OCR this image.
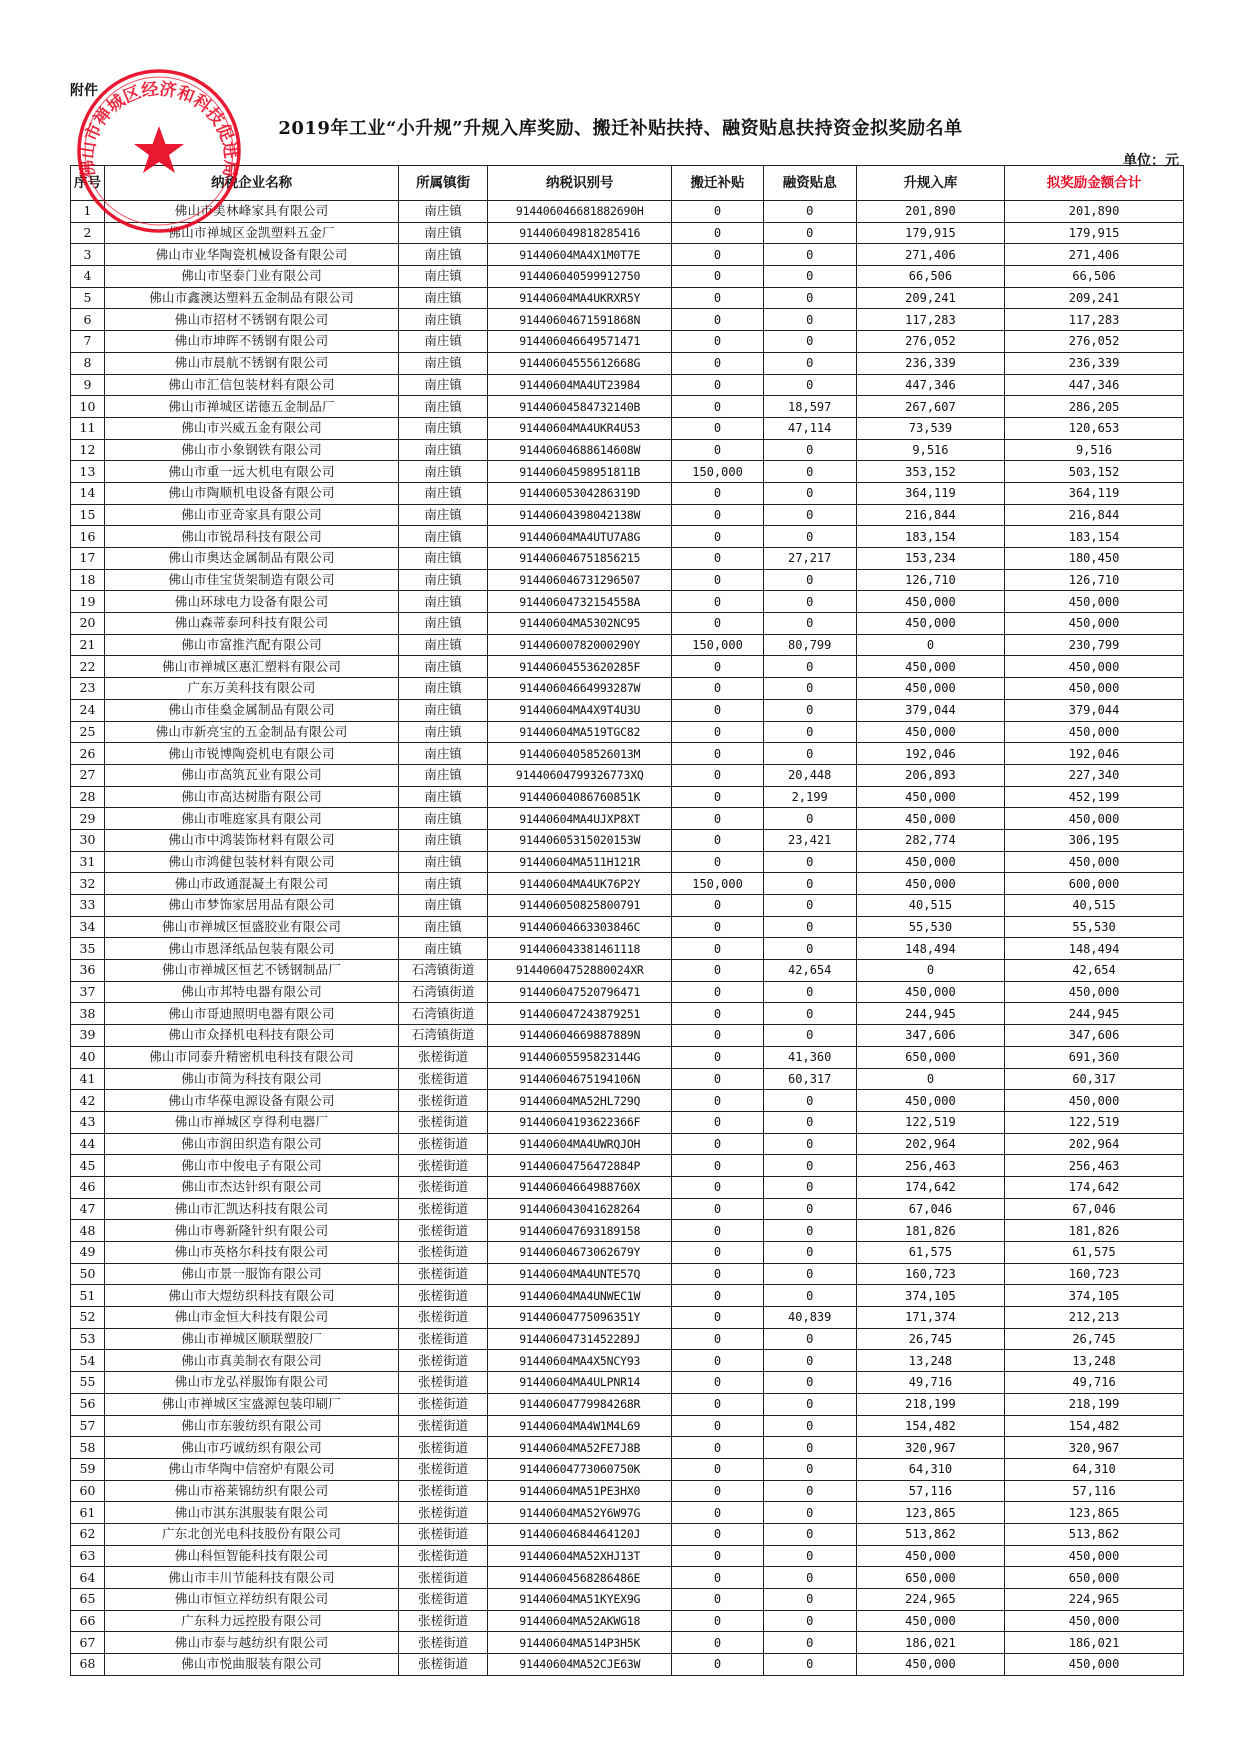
附件
2019年工业“小升规”升规入库奖励、搬迁补贴扶持、融资贴息扶持资金拟奖励名单
单位：元
序号	纳税企业名称	所属镇街	纳税识别号	搬迁补贴	融资贴息	升规入库	拟奖励金额合计
1	佛山市美林峰家具有限公司	南庄镇	914406046681882690H	0	0	201,890	201,890
2	佛山市禅城区金凯塑料五金厂	南庄镇	914406049818285416	0	0	179,915	179,915
3	佛山市业华陶瓷机械设备有限公司	南庄镇	91440604MA4X1M0T7E	0	0	271,406	271,406
4	佛山市坚泰门业有限公司	南庄镇	914406040599912750	0	0	66,506	66,506
5	佛山市鑫澳达塑料五金制品有限公司	南庄镇	91440604MA4UKRXR5Y	0	0	209,241	209,241
6	佛山市招材不锈钢有限公司	南庄镇	91440604671591868N	0	0	117,283	117,283
7	佛山市坤晖不锈钢有限公司	南庄镇	914406046649571471	0	0	276,052	276,052
8	佛山市晨航不锈钢有限公司	南庄镇	91440604555612668G	0	0	236,339	236,339
9	佛山市汇信包装材料有限公司	南庄镇	91440604MA4UT23984	0	0	447,346	447,346
10	佛山市禅城区诺德五金制品厂	南庄镇	91440604584732140B	0	18,597	267,607	286,205
11	佛山市兴威五金有限公司	南庄镇	91440604MA4UKR4U53	0	47,114	73,539	120,653
12	佛山市小象钢铁有限公司	南庄镇	91440604688614608W	0	0	9,516	9,516
13	佛山市重一远大机电有限公司	南庄镇	91440604598951811B	150,000	0	353,152	503,152
14	佛山市陶顺机电设备有限公司	南庄镇	91440605304286319D	0	0	364,119	364,119
15	佛山市亚奇家具有限公司	南庄镇	91440604398042138W	0	0	216,844	216,844
16	佛山市锐昂科技有限公司	南庄镇	91440604MA4UTU7A8G	0	0	183,154	183,154
17	佛山市奥达金属制品有限公司	南庄镇	914406046751856215	0	27,217	153,234	180,450
18	佛山市佳宝货架制造有限公司	南庄镇	914406046731296507	0	0	126,710	126,710
19	佛山环球电力设备有限公司	南庄镇	91440604732154558A	0	0	450,000	450,000
20	佛山森蒂泰珂科技有限公司	南庄镇	91440604MA5302NC95	0	0	450,000	450,000
21	佛山市富推汽配有限公司	南庄镇	91440600782000290Y	150,000	80,799	0	230,799
22	佛山市禅城区惠汇塑料有限公司	南庄镇	91440604553620285F	0	0	450,000	450,000
23	广东万美科技有限公司	南庄镇	91440604664993287W	0	0	450,000	450,000
24	佛山市佳燊金属制品有限公司	南庄镇	91440604MA4X9T4U3U	0	0	379,044	379,044
25	佛山市新亮宝的五金制品有限公司	南庄镇	91440604MA519TGC82	0	0	450,000	450,000
26	佛山市锐博陶瓷机电有限公司	南庄镇	91440604058526013M	0	0	192,046	192,046
27	佛山市高筑瓦业有限公司	南庄镇	91440604799326773XQ	0	20,448	206,893	227,340
28	佛山市高达树脂有限公司	南庄镇	91440604086760851K	0	2,199	450,000	452,199
29	佛山市唯庭家具有限公司	南庄镇	91440604MA4UJXP8XT	0	0	450,000	450,000
30	佛山市中鸿装饰材料有限公司	南庄镇	91440605315020153W	0	23,421	282,774	306,195
31	佛山市鸿健包装材料有限公司	南庄镇	91440604MA511H121R	0	0	450,000	450,000
32	佛山市政通混凝土有限公司	南庄镇	91440604MA4UK76P2Y	150,000	0	450,000	600,000
33	佛山市梦饰家居用品有限公司	南庄镇	914406050825800791	0	0	40,515	40,515
34	佛山市禅城区恒盛胶业有限公司	南庄镇	91440604663303846C	0	0	55,530	55,530
35	佛山市恩泽纸品包装有限公司	南庄镇	914406043381461118	0	0	148,494	148,494
36	佛山市禅城区恒艺不锈钢制品厂	石湾镇街道	91440604752880024XR	0	42,654	0	42,654
37	佛山市邦特电器有限公司	石湾镇街道	914406047520796471	0	0	450,000	450,000
38	佛山市哥迪照明电器有限公司	石湾镇街道	914406047243879251	0	0	244,945	244,945
39	佛山市众择机电科技有限公司	石湾镇街道	91440604669887889N	0	0	347,606	347,606
40	佛山市同泰升精密机电科技有限公司	张槎街道	91440605595823144G	0	41,360	650,000	691,360
41	佛山市简为科技有限公司	张槎街道	91440604675194106N	0	60,317	0	60,317
42	佛山市华葆电源设备有限公司	张槎街道	91440604MA52HL729Q	0	0	450,000	450,000
43	佛山市禅城区亨得利电器厂	张槎街道	91440604193622366F	0	0	122,519	122,519
44	佛山市润田织造有限公司	张槎街道	91440604MA4UWRQJOH	0	0	202,964	202,964
45	佛山市中俊电子有限公司	张槎街道	91440604756472884P	0	0	256,463	256,463
46	佛山市杰达针织有限公司	张槎街道	91440604664988760X	0	0	174,642	174,642
47	佛山市汇凯达科技有限公司	张槎街道	91440604304162826​4	0	0	67,046	67,046
48	佛山市粤新隆针织有限公司	张槎街道	914406047693189158	0	0	181,826	181,826
49	佛山市英格尔科技有限公司	张槎街道	91440604673062679Y	0	0	61,575	61,575
50	佛山市景一服饰有限公司	张槎街道	91440604MA4UNTE57Q	0	0	160,723	160,723
51	佛山市大煜纺织科技有限公司	张槎街道	91440604MA4UNWEC1W	0	0	374,105	374,105
52	佛山市金恒大科技有限公司	张槎街道	91440604775096351Y	0	40,839	171,374	212,213
53	佛山市禅城区顺联塑胶厂	张槎街道	91440604731452289J	0	0	26,745	26,745
54	佛山市真美制衣有限公司	张槎街道	91440604MA4X5NCY93	0	0	13,248	13,248
55	佛山市龙弘祥服饰有限公司	张槎街道	91440604MA4ULPNR14	0	0	49,716	49,716
56	佛山市禅城区宝盛源包装印刷厂	张槎街道	91440604779984268R	0	0	218,199	218,199
57	佛山市东骏纺织有限公司	张槎街道	91440604MA4W1M4L69	0	0	154,482	154,482
58	佛山市巧诚纺织有限公司	张槎街道	91440604MA52FE7J8B	0	0	320,967	320,967
59	佛山市华陶中信窑炉有限公司	张槎街道	91440604773060750K	0	0	64,310	64,310
60	佛山市裕莱锦纺织有限公司	张槎街道	91440604MA51PE3HX0	0	0	57,116	57,116
61	佛山市淇东淇服装有限公司	张槎街道	91440604MA52Y6W97G	0	0	123,865	123,865
62	广东北创光电科技股份有限公司	张槎街道	91440604684464120J	0	0	513,862	513,862
63	佛山科恒智能科技有限公司	张槎街道	91440604MA52XHJ13T	0	0	450,000	450,000
64	佛山市丰川节能科技有限公司	张槎街道	91440604568286486E	0	0	650,000	650,000
65	佛山市恒立祥纺织有限公司	张槎街道	91440604MA51KYEX9G	0	0	224,965	224,965
66	广东科力远控股有限公司	张槎街道	91440604MA52AKWG18	0	0	450,000	450,000
67	佛山市泰与越纺织有限公司	张槎街道	91440604MA514P3H5K	0	0	186,021	186,021
68	佛山市悦曲服装有限公司	张槎街道	91440604MA52CJE63W	0	0	450,000	450,000
佛山市禅城区经济和科技促进局
